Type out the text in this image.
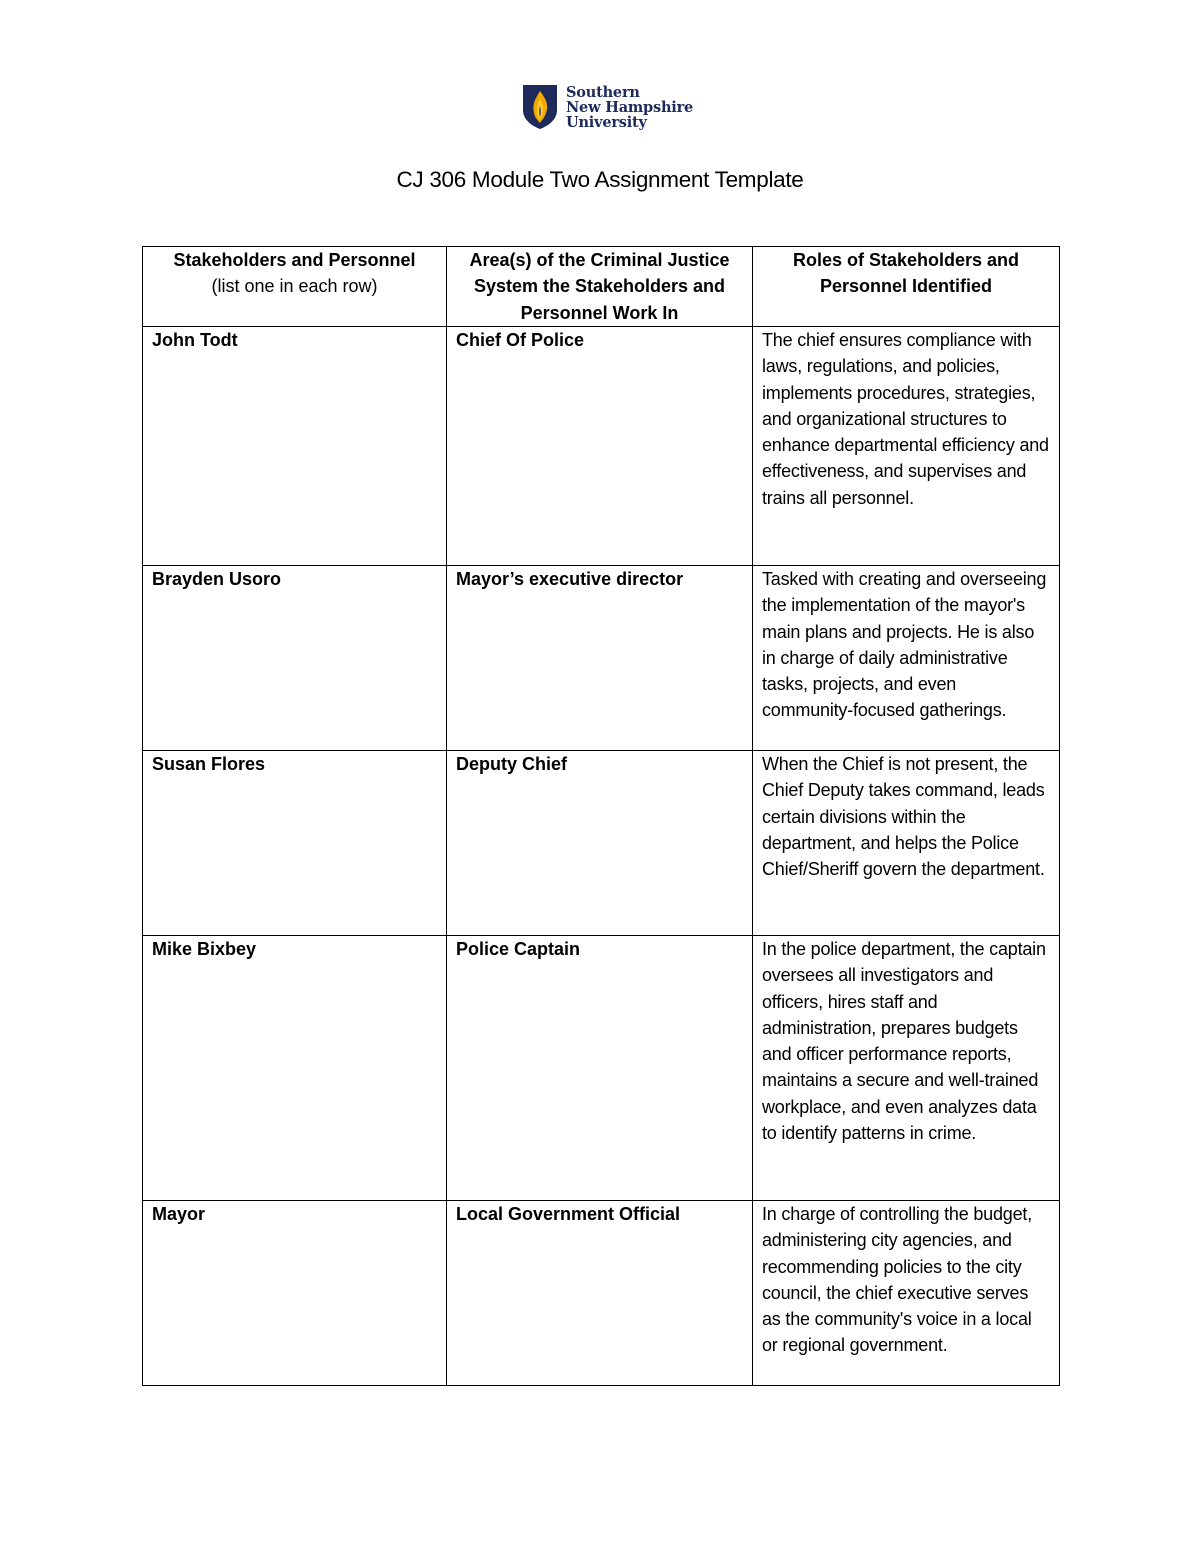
Southern
New Hampshire
University
CJ 306 Module Two Assignment Template
Stakeholders and Personnel
(list one in each row)	Area(s) of the Criminal Justice System the Stakeholders and Personnel Work In	Roles of Stakeholders and Personnel Identified
John Todt	Chief Of Police	The chief ensures compliance with laws, regulations, and policies, implements procedures, strategies, and organizational structures to enhance departmental efficiency and effectiveness, and supervises and trains all personnel.
Brayden Usoro	Mayor’s executive director	Tasked with creating and overseeing the implementation of the mayor's main plans and projects. He is also in charge of daily administrative tasks, projects, and even community-focused gatherings.
Susan Flores	Deputy Chief	When the Chief is not present, the Chief Deputy takes command, leads certain divisions within the department, and helps the Police Chief/Sheriff govern the department.
Mike Bixbey	Police Captain	In the police department, the captain oversees all investigators and officers, hires staff and administration, prepares budgets and officer performance reports, maintains a secure and well-trained workplace, and even analyzes data to identify patterns in crime.
Mayor	Local Government Official	In charge of controlling the budget, administering city agencies, and recommending policies to the city council, the chief executive serves as the community's voice in a local or regional government.
